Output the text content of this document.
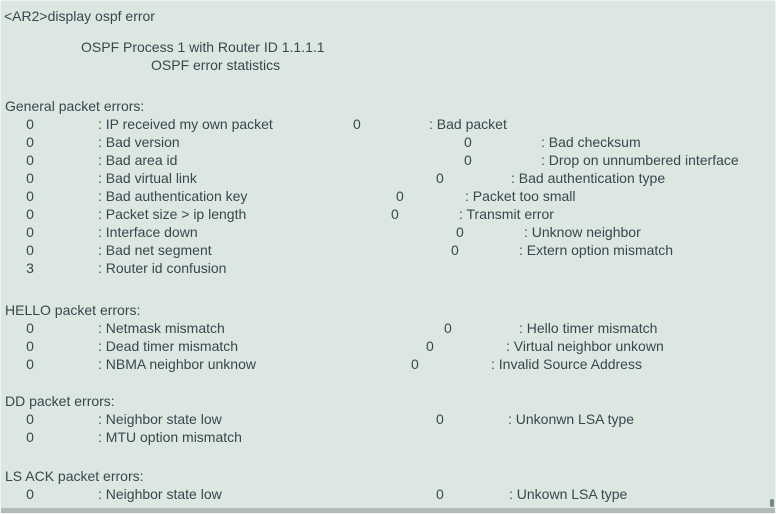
<AR2>display ospf error
OSPF Process 1 with Router ID 1.1.1.1
OSPF error statistics
General packet errors:
0	: IP received my own packet	0	: Bad packet
0	: Bad version	0	: Bad checksum
0	: Bad area id	0	: Drop on unnumbered interface
0	: Bad virtual link	0	: Bad authentication type
0	: Bad authentication key	0	: Packet too small
0	: Packet size > ip length	0	: Transmit error
0	: Interface down	0	: Unknow neighbor
0	: Bad net segment	0	: Extern option mismatch
3	: Router id confusion
HELLO packet errors:
0	: Netmask mismatch	0	: Hello timer mismatch
0	: Dead timer mismatch	0	: Virtual neighbor unkown
0	: NBMA neighbor unknow	0	: Invalid Source Address
DD packet errors:
0	: Neighbor state low	0	: Unkonwn LSA type
0	: MTU option mismatch
LS ACK packet errors:
0	: Neighbor state low	0	: Unkown LSA type
